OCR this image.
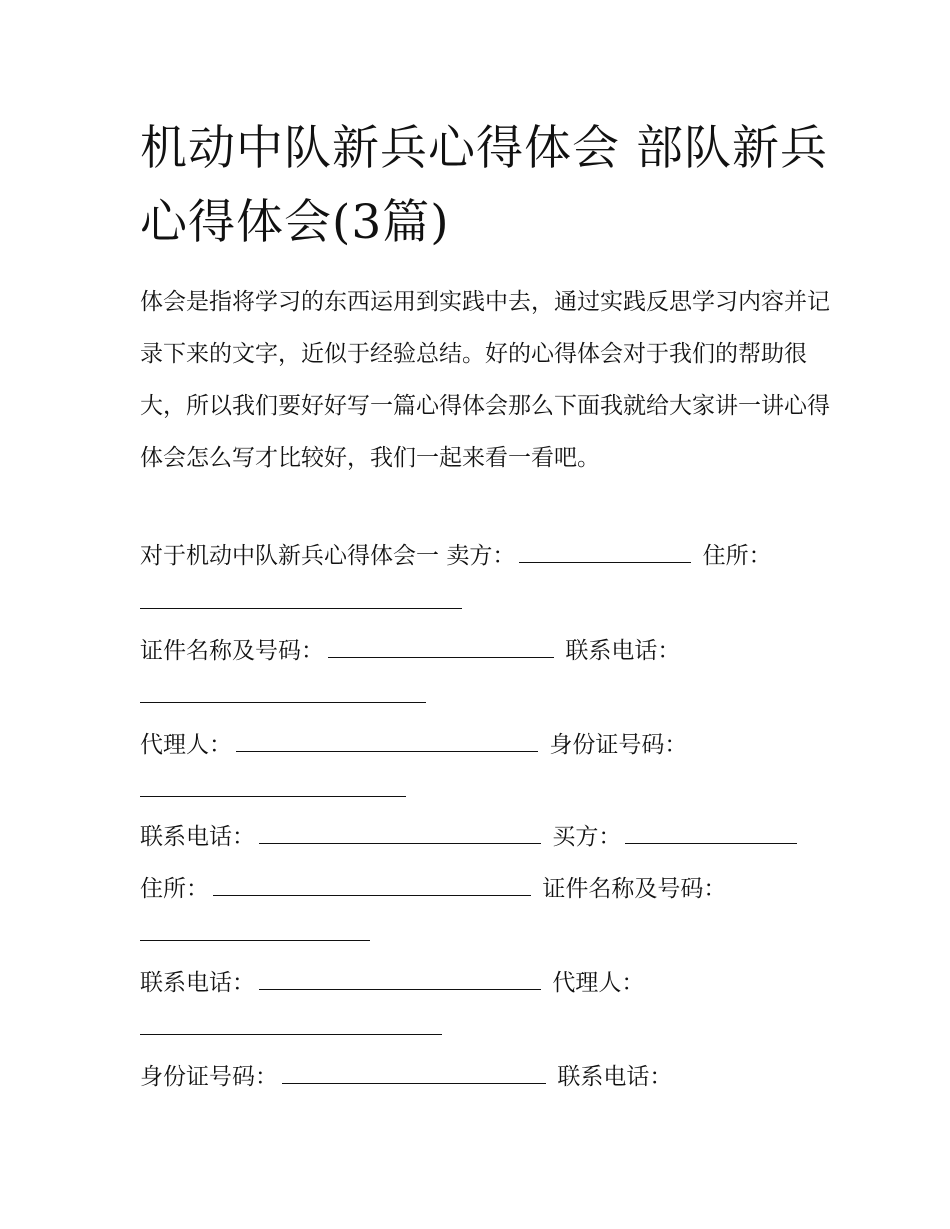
机动中队新兵心得体会 部队新兵心得体会(3篇)

体会是指将学习的东西运用到实践中去，通过实践反思学习内容并记录下来的文字，近似于经验总结。好的心得体会对于我们的帮助很大，所以我们要好好写一篇心得体会那么下面我就给大家讲一讲心得体会怎么写才比较好，我们一起来看一看吧。

对于机动中队新兵心得体会一 卖方：	住所：
证件名称及号码：	联系电话：
代理人：	身份证号码：
联系电话：	买方：
住所：	证件名称及号码：
联系电话：	代理人：
身份证号码：	联系电话：
